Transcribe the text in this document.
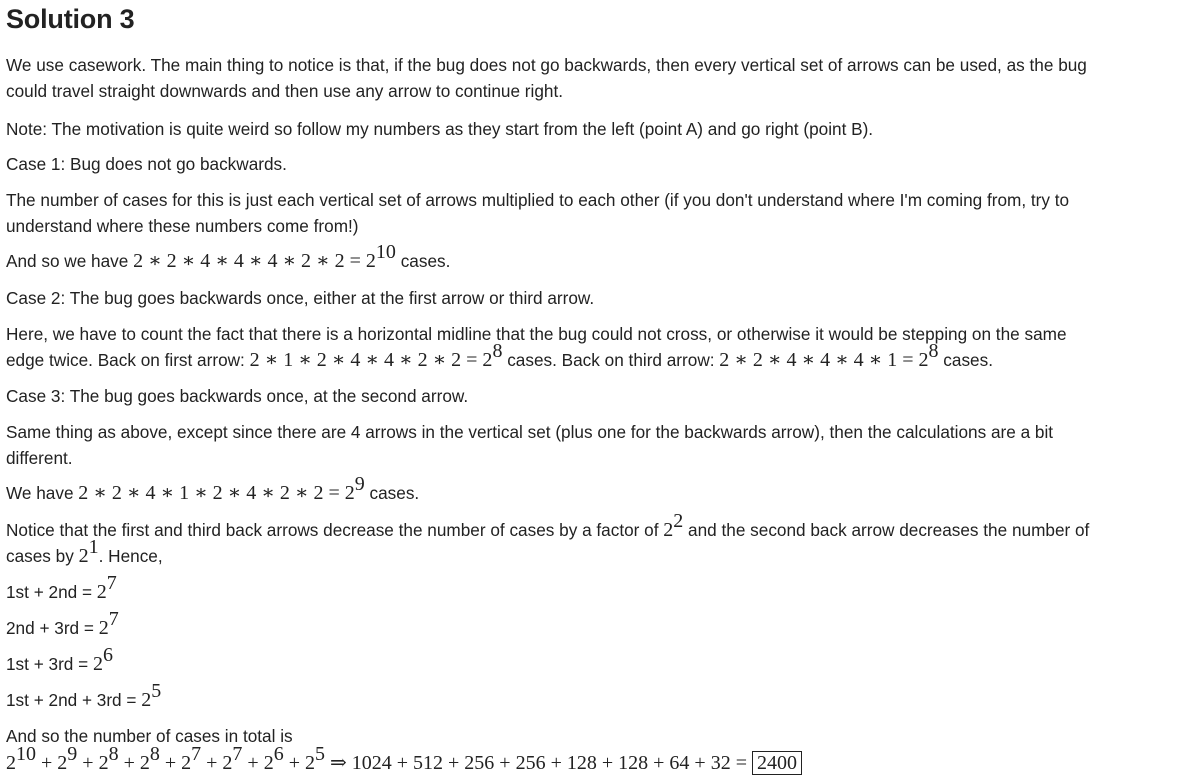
Solution 3

We use casework. The main thing to notice is that, if the bug does not go backwards, then every vertical set of arrows can be used, as the bug

could travel straight downwards and then use any arrow to continue right.

Note: The motivation is quite weird so follow my numbers as they start from the left (point A) and go right (point B).

Case 1: Bug does not go backwards.

The number of cases for this is just each vertical set of arrows multiplied to each other (if you don't understand where I'm coming from, try to

understand where these numbers come from!)

And so we have 2 ∗ 2 ∗ 4 ∗ 4 ∗ 4 ∗ 2 ∗ $2 = 2^{10}$ cases.

Case 2: The bug goes backwards once, either at the first arrow or third arrow.

Here, we have to count the fact that there is a horizontal midline that the bug could not cross, or otherwise it would be stepping on the same

edge twice. Back on first arrow: 2 ∗ 1 ∗ 2 ∗ 4 ∗ 4 ∗ 2 ∗ $2 = 2^8$ cases. Back on third arrow: 2 ∗ 2 ∗ 4 ∗ 4 ∗ 4 ∗ $1 = 2^8$ cases.

Case 3: The bug goes backwards once, at the second arrow.

Same thing as above, except since there are 4 arrows in the vertical set (plus one for the backwards arrow), then the calculations are a bit

different.

We have 2 ∗ 2 ∗ 4 ∗ 1 ∗ 2 ∗ 4 ∗ 2 ∗ $2 = 2^9$ cases.

Notice that the first and third back arrows decrease the number of cases by a factor of $2^2$ and the second back arrow decreases the number of

cases by $2^1$. Hence,

$1st + 2nd = 2^7$

$2nd + 3rd = 2^7$

$1st + 3rd = 2^6$

$1st + 2nd + 3rd = 2^5$

And so the number of cases in total is

$2^{10} + 2^9 + 2^8 + 2^8 + 2^7 + 2^7 + 2^6 + 2^5$ ⇒ 1024 + 512 + 256 + 256 + 128 + 128 + 64 + 32 = 2400
